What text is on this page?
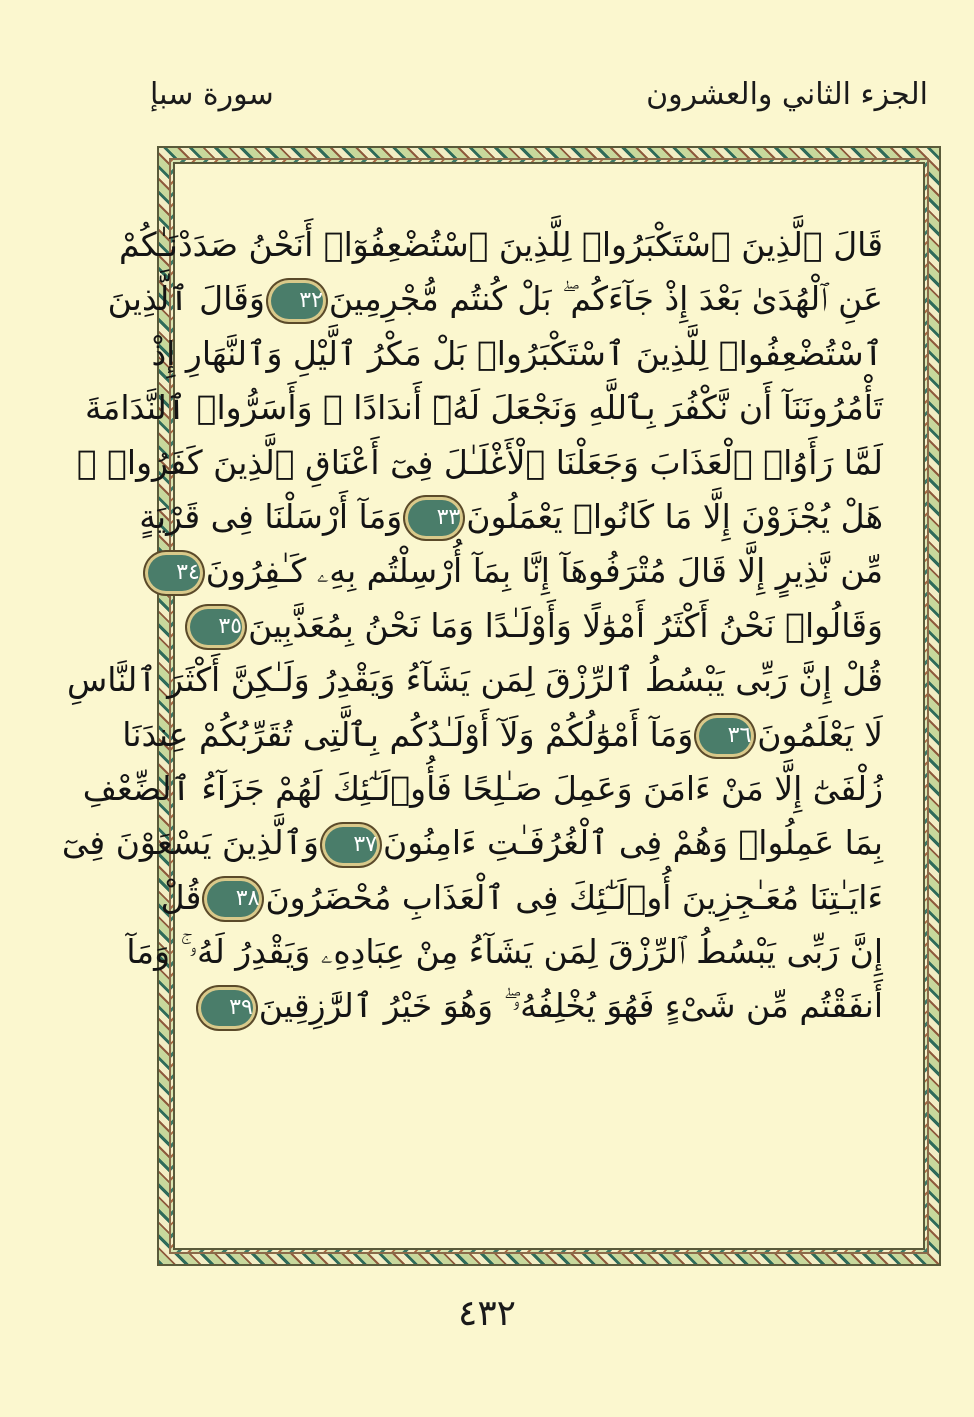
الجزء الثاني والعشرون
سورة سبإ
قَالَ ٱلَّذِينَ ٱسْتَكْبَرُوا۟ لِلَّذِينَ ٱسْتُضْعِفُوٓا۟ أَنَحْنُ صَدَدْنَـٰكُمْ
عَنِ ٱلْهُدَىٰ بَعْدَ إِذْ جَآءَكُم ۖ بَلْ كُنتُم مُّجْرِمِينَ٣٢وَقَالَ ٱلَّذِينَ
ٱسْتُضْعِفُوا۟ لِلَّذِينَ ٱسْتَكْبَرُوا۟ بَلْ مَكْرُ ٱلَّيْلِ وَٱلنَّهَارِ إِذْ
تَأْمُرُونَنَآ أَن نَّكْفُرَ بِٱللَّهِ وَنَجْعَلَ لَهُۥٓ أَندَادًا ۚ وَأَسَرُّوا۟ ٱلنَّدَامَةَ
لَمَّا رَأَوُا۟ ٱلْعَذَابَ وَجَعَلْنَا ٱلْأَغْلَـٰلَ فِىٓ أَعْنَاقِ ٱلَّذِينَ كَفَرُوا۟ ۚ
هَلْ يُجْزَوْنَ إِلَّا مَا كَانُوا۟ يَعْمَلُونَ٣٣وَمَآ أَرْسَلْنَا فِى قَرْيَةٍ
مِّن نَّذِيرٍ إِلَّا قَالَ مُتْرَفُوهَآ إِنَّا بِمَآ أُرْسِلْتُم بِهِۦ كَـٰفِرُونَ٣٤
وَقَالُوا۟ نَحْنُ أَكْثَرُ أَمْوَٰلًا وَأَوْلَـٰدًا وَمَا نَحْنُ بِمُعَذَّبِينَ٣٥
قُلْ إِنَّ رَبِّى يَبْسُطُ ٱلرِّزْقَ لِمَن يَشَآءُ وَيَقْدِرُ وَلَـٰكِنَّ أَكْثَرَ ٱلنَّاسِ
لَا يَعْلَمُونَ٣٦وَمَآ أَمْوَٰلُكُمْ وَلَآ أَوْلَـٰدُكُم بِٱلَّتِى تُقَرِّبُكُمْ عِندَنَا
زُلْفَىٰٓ إِلَّا مَنْ ءَامَنَ وَعَمِلَ صَـٰلِحًا فَأُو۟لَـٰٓئِكَ لَهُمْ جَزَآءُ ٱلضِّعْفِ
بِمَا عَمِلُوا۟ وَهُمْ فِى ٱلْغُرُفَـٰتِ ءَامِنُونَ٣٧وَٱلَّذِينَ يَسْعَوْنَ فِىٓ
ءَايَـٰتِنَا مُعَـٰجِزِينَ أُو۟لَـٰٓئِكَ فِى ٱلْعَذَابِ مُحْضَرُونَ٣٨قُلْ
إِنَّ رَبِّى يَبْسُطُ ٱلرِّزْقَ لِمَن يَشَآءُ مِنْ عِبَادِهِۦ وَيَقْدِرُ لَهُۥ ۚ وَمَآ
أَنفَقْتُم مِّن شَىْءٍ فَهُوَ يُخْلِفُهُۥ ۖ وَهُوَ خَيْرُ ٱلرَّٰزِقِينَ٣٩
٤٣٢
